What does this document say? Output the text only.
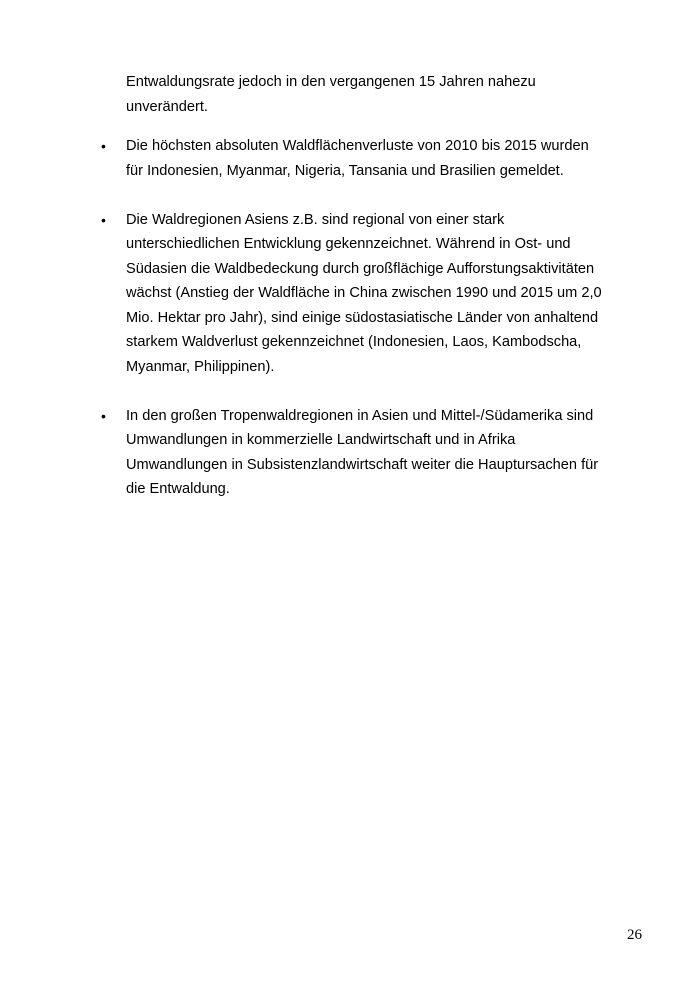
Entwaldungsrate jedoch in den vergangenen 15 Jahren nahezu unverändert.

• Die höchsten absoluten Waldflächenverluste von 2010 bis 2015 wurden für Indonesien, Myanmar, Nigeria, Tansania und Brasilien gemeldet.
• Die Waldregionen Asiens z.B. sind regional von einer stark unterschiedlichen Entwicklung gekennzeichnet. Während in Ost- und Südasien die Waldbedeckung durch großflächige Aufforstungsaktivitäten wächst (Anstieg der Waldfläche in China zwischen 1990 und 2015 um 2,0 Mio. Hektar pro Jahr), sind einige südostasiatische Länder von anhaltend starkem Waldverlust gekennzeichnet (Indonesien, Laos, Kambodscha, Myanmar, Philippinen).
• In den großen Tropenwaldregionen in Asien und Mittel-/Südamerika sind Umwandlungen in kommerzielle Landwirtschaft und in Afrika Umwandlungen in Subsistenzlandwirtschaft weiter die Hauptursachen für die Entwaldung.
26
